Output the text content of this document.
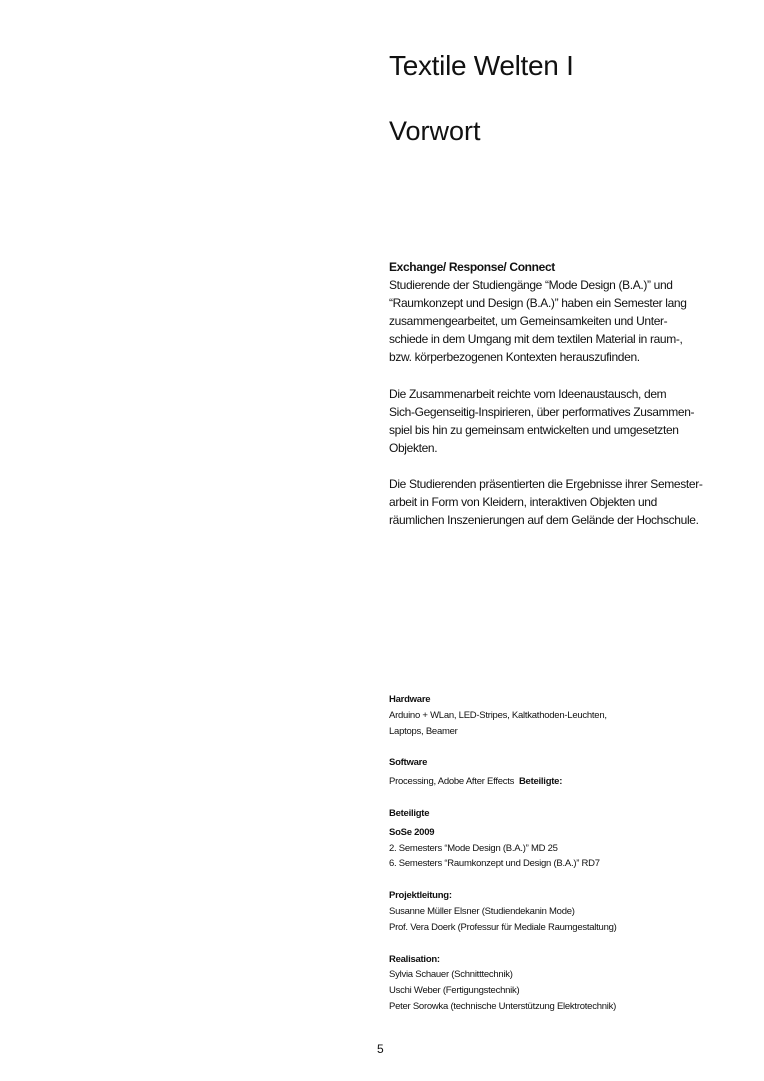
Textile Welten I
Vorwort

Exchange/ Response/ Connect
Studierende der Studiengänge “Mode Design (B.A.)” und
“Raumkonzept und Design (B.A.)” haben ein Semester lang
zusammengearbeitet, um Gemeinsamkeiten und Unter-
schiede in dem Umgang mit dem textilen Material in raum-,
bzw. körperbezogenen Kontexten herauszufinden.

Die Zusammenarbeit reichte vom Ideenaustausch, dem
Sich-Gegenseitig-Inspirieren, über performatives Zusammen-
spiel bis hin zu gemeinsam entwickelten und umgesetzten
Objekten.

Die Studierenden präsentierten die Ergebnisse ihrer Semester-
arbeit in Form von Kleidern, interaktiven Objekten und
räumlichen Inszenierungen auf dem Gelände der Hochschule.

Hardware
Arduino + WLan, LED-Stripes, Kaltkathoden-Leuchten,
Laptops, Beamer
Software
Processing, Adobe After Effects Beteiligte:
Beteiligte
SoSe 2009
2. Semesters “Mode Design (B.A.)” MD 25
6. Semesters “Raumkonzept und Design (B.A.)” RD7
Projektleitung:
Susanne Müller Elsner (Studiendekanin Mode)
Prof. Vera Doerk (Professur für Mediale Raumgestaltung)
Realisation:
Sylvia Schauer (Schnitttechnik)
Uschi Weber (Fertigungstechnik)
Peter Sorowka (technische Unterstützung Elektrotechnik)
5
